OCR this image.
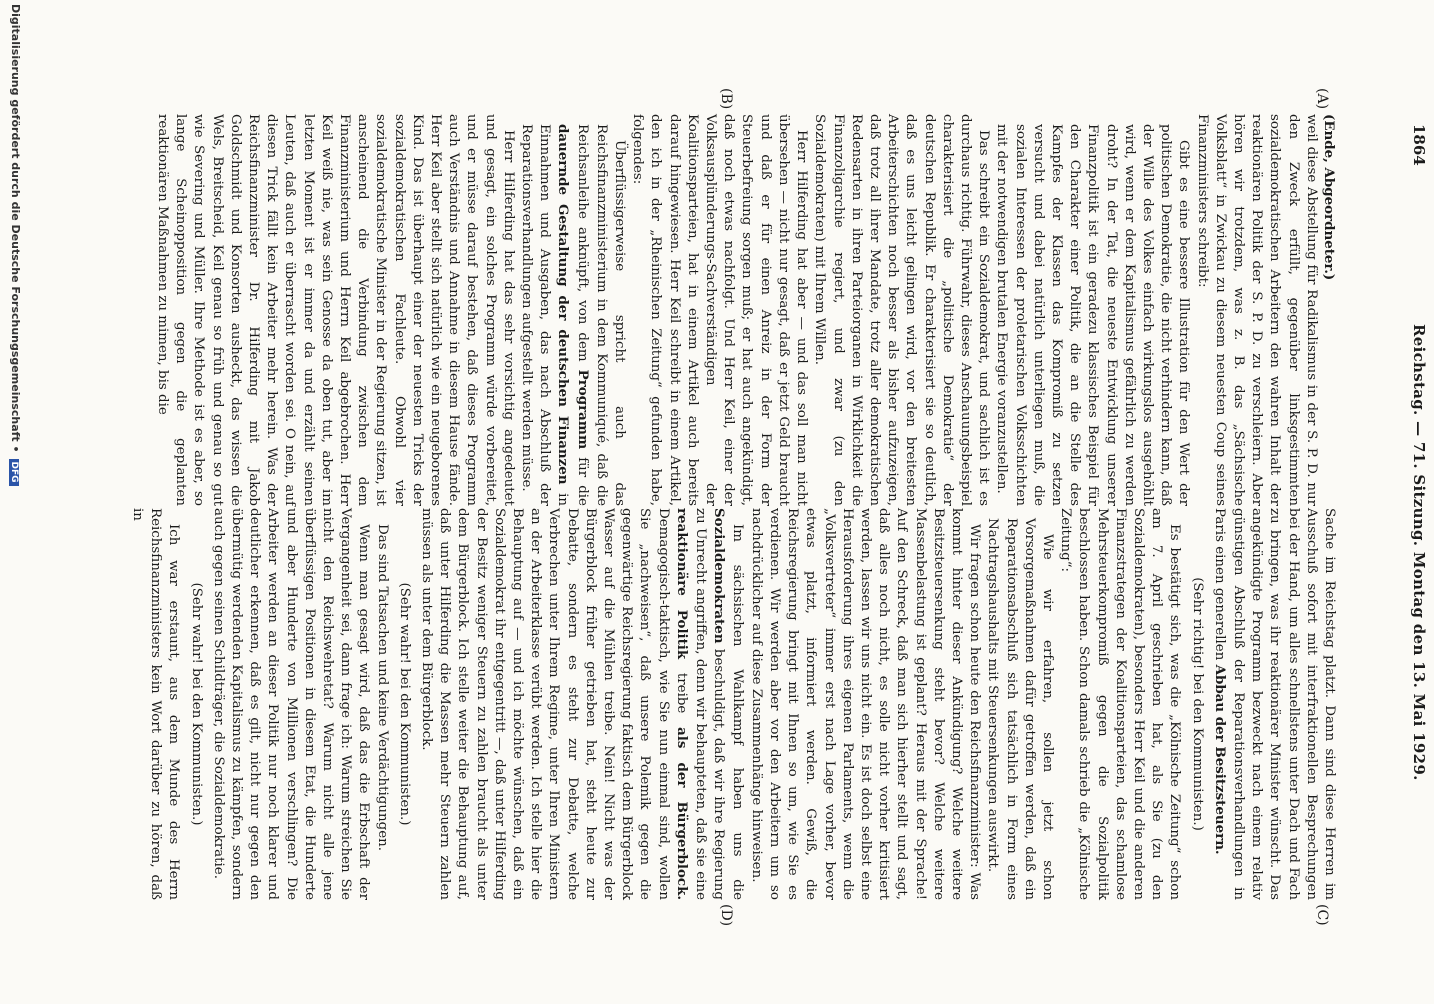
1864
Reichstag. — 71. Sitzung. Montag den 13. Mai 1929.
(A)
(B)
(C)
(D)

(Ende, Abgeordneter.)

weil diese Abstellung für Radikalismus in der S. P. D. nur den Zweck erfüllt, gegenüber linksgestimmten sozialdemokratischen Arbeitern den wahren Inhalt der reaktionären Politik der S. P. D. zu verschleiern. Aber hören wir trotzdem, was z. B. das „Sächsische Volksblatt“ in Zwickau zu diesem neuesten Coup seines Finanzministers schreibt:

Gibt es eine bessere Illustration für den Wert der politischen Demokratie, die nicht verhindern kann, daß der Wille des Volkes einfach wirkungslos ausgehöhlt wird, wenn er dem Kapitalismus gefährlich zu werden droht? In der Tat, die neueste Entwicklung unserer Finanzpolitik ist ein geradezu klassisches Beispiel für den Charakter einer Politik, die an die Stelle des Kampfes der Klassen das Kompromiß zu setzen versucht und dabei natürlich unterliegen muß, die sozialen Interessen der proletarischen Volksschichten mit der notwendigen brutalen Energie voranzustellen.

Das schreibt ein Sozialdemokrat, und sachlich ist es durchaus richtig. Führwahr, dieses Anschauungsbeispiel charakterisiert die „politische Demokratie“ der deutschen Republik. Er charakterisiert sie so deutlich, daß es uns leicht gelingen wird, vor den breitesten Arbeiterschichten noch besser als bisher aufzuzeigen, daß trotz all ihrer Mandate, trotz aller demokratischen Redensarten in ihren Parteiorganen in Wirklichkeit die Finanzoligarchie regiert, und zwar (zu den Sozialdemokraten) mit Ihrem Willen.

Herr Hilferding hat aber — und das soll man nicht übersehen — nicht nur gesagt, daß er jetzt Geld braucht und daß er für einen Anreiz in der Form der Steuerbefreiung sorgen muß; er hat auch angekündigt, daß noch etwas nachfolgt. Und Herr Keil, einer der Volksausplünderungs-Sachverständigen der Koalitionsparteien, hat in einem Artikel auch bereits darauf hingewiesen. Herr Keil schreibt in einem Artikel, den ich in der „Rheinischen Zeitung“ gefunden habe, folgendes:

Überflüssigerweise spricht auch das Reichsfinanzministerium in dem Kommuniqué, daß die Reichsanleihe anknüpft, von dem Programm für die dauernde Gestaltung der deutschen Finanzen in Einnahmen und Ausgaben, das nach Abschluß der Reparationsverhandlungen aufgestellt werden müsse.

Herr Hilferding hat das sehr vorsichtig angedeutet und gesagt, ein solches Programm würde vorbereitet, und er müsse darauf bestehen, daß dieses Programm auch Verständnis und Annahme in diesem Hause fände. Herr Keil aber stellt sich natürlich wie ein neugeborenes Kind. Das ist überhaupt einer der neuesten Tricks der sozialdemokratischen Fachleute. Obwohl vier sozialdemokratische Minister in der Regierung sitzen, ist anscheinend die Verbindung zwischen dem Finanzministerium und Herrn Keil abgebrochen. Herr Keil weiß nie, was sein Genosse da oben tut, aber im letzten Moment ist er immer da und erzählt seinen Leuten, daß auch er überrascht worden sei. O nein, auf diesen Trick fällt kein Arbeiter mehr herein. Was der Reichsfinanzminister Dr. Hilferding mit Jakob Goldschmidt und Konsorten ausheckt, das wissen die Wels, Breitscheid, Keil genau so früh und genau so gut wie Severing und Müller. Ihre Methode ist es aber, so lange Scheinopposition gegen die geplanten reaktionären Maßnahmen zu mimen, bis die

Sache im Reichstag platzt. Dann sind diese Herren im Ausschuß sofort mit interfraktionellen Besprechungen bei der Hand, um alles schnellstens unter Dach und Fach zu bringen, was ihr reaktionärer Minister wünscht. Das angekündigte Programm bezweckt nach einem relativ günstigen Abschluß der Reparationsverhandlungen in Paris einen generellen Abbau der Besitzsteuern.

(Sehr richtig! bei den Kommunisten.)

Es bestätigt sich, was die „Kölnische Zeitung“ schon am 7. April geschrieben hat, als Sie (zu den Sozialdemokraten), besonders Herr Keil und die anderen Finanzstrategen der Koalitionsparteien, das schamlose Mehrsteuerkompromiß gegen die Sozialpolitik beschlossen haben. Schon damals schrieb die „Kölnische Zeitung“:

Wie wir erfahren, sollen jetzt schon Vorsorgemaßnahmen dafür getroffen werden, daß ein Reparationsabschluß sich tatsächlich in Form eines Nachtragshaushalts mit Steuersenkungen auswirkt.

Wir fragen schon heute den Reichsfinanzminister: Was kommt hinter dieser Ankündigung? Welche weitere Besitzsteuersenkung steht bevor? Welche weitere Massenbelastung ist geplant? Heraus mit der Sprache! Auf den Schreck, daß man sich hierher stellt und sagt, daß alles noch nicht, es solle nicht vorher kritisiert werden, lassen wir uns nicht ein. Es ist doch selbst eine Herausforderung ihres eigenen Parlaments, wenn die „Volksvertreter“ immer erst nach Lage vorher, bevor etwas platzt, informiert werden. Gewiß, die Reichsregierung bringt mit Ihnen so um, wie Sie es verdienen. Wir werden aber vor den Arbeitern um so nachdrücklicher auf diese Zusammenhänge hinweisen.

Im sächsischen Wahlkampf haben uns die Sozialdemokraten beschuldigt, daß wir ihre Regierung zu Unrecht angriffen, denn wir behaupteten, daß sie eine reaktionäre Politik treibe als der Bürgerblock. Demagogisch-taktisch, wie Sie nun einmal sind, wollen Sie „nachweisen“, daß unsere Polemik gegen die gegenwärtige Reichsregierung faktisch dem Bürgerblock Wasser auf die Mühlen treibe. Nein! Nicht was der Bürgerblock früher getrieben hat, steht heute zur Debatte, sondern es steht zur Debatte, welche Verbrechen unter Ihrem Regime, unter Ihren Ministern an der Arbeiterklasse verübt werden. Ich stelle hier die Behauptung auf — und ich möchte wünschen, daß ein Sozialdemokrat ihr entgegentritt —, daß unter Hilferding der Besitz weniger Steuern zu zahlen braucht als unter dem Bürgerblock. Ich stelle weiter die Behauptung auf, daß unter Hilferding die Massen mehr Steuern zahlen müssen als unter dem Bürgerblock.

(Sehr wahr! bei den Kommunisten.)

Das sind Tatsachen und keine Verdächtigungen.

Wenn man gesagt wird, daß das die Erbschaft der Vergangenheit sei, dann frage ich: Warum streichen Sie nicht den Reichswehretat? Warum nicht alle jene überflüssigen Positionen in diesem Etat, die Hunderte und aber Hunderte von Millionen verschlingen? Die Arbeiter werden an dieser Politik nur noch klarer und deutlicher erkennen, daß es gilt, nicht nur gegen den übermütig werdenden Kapitalismus zu kämpfen, sondern auch gegen seinen Schildträger, die Sozialdemokratie.

(Sehr wahr! bei den Kommunisten.)

Ich war erstaunt, aus dem Munde des Herrn Reichsfinanzministers kein Wort darüber zu hören, daß in

Digitalisierung gefördert durch die Deutsche Forschungsgemeinschaft •DFG
